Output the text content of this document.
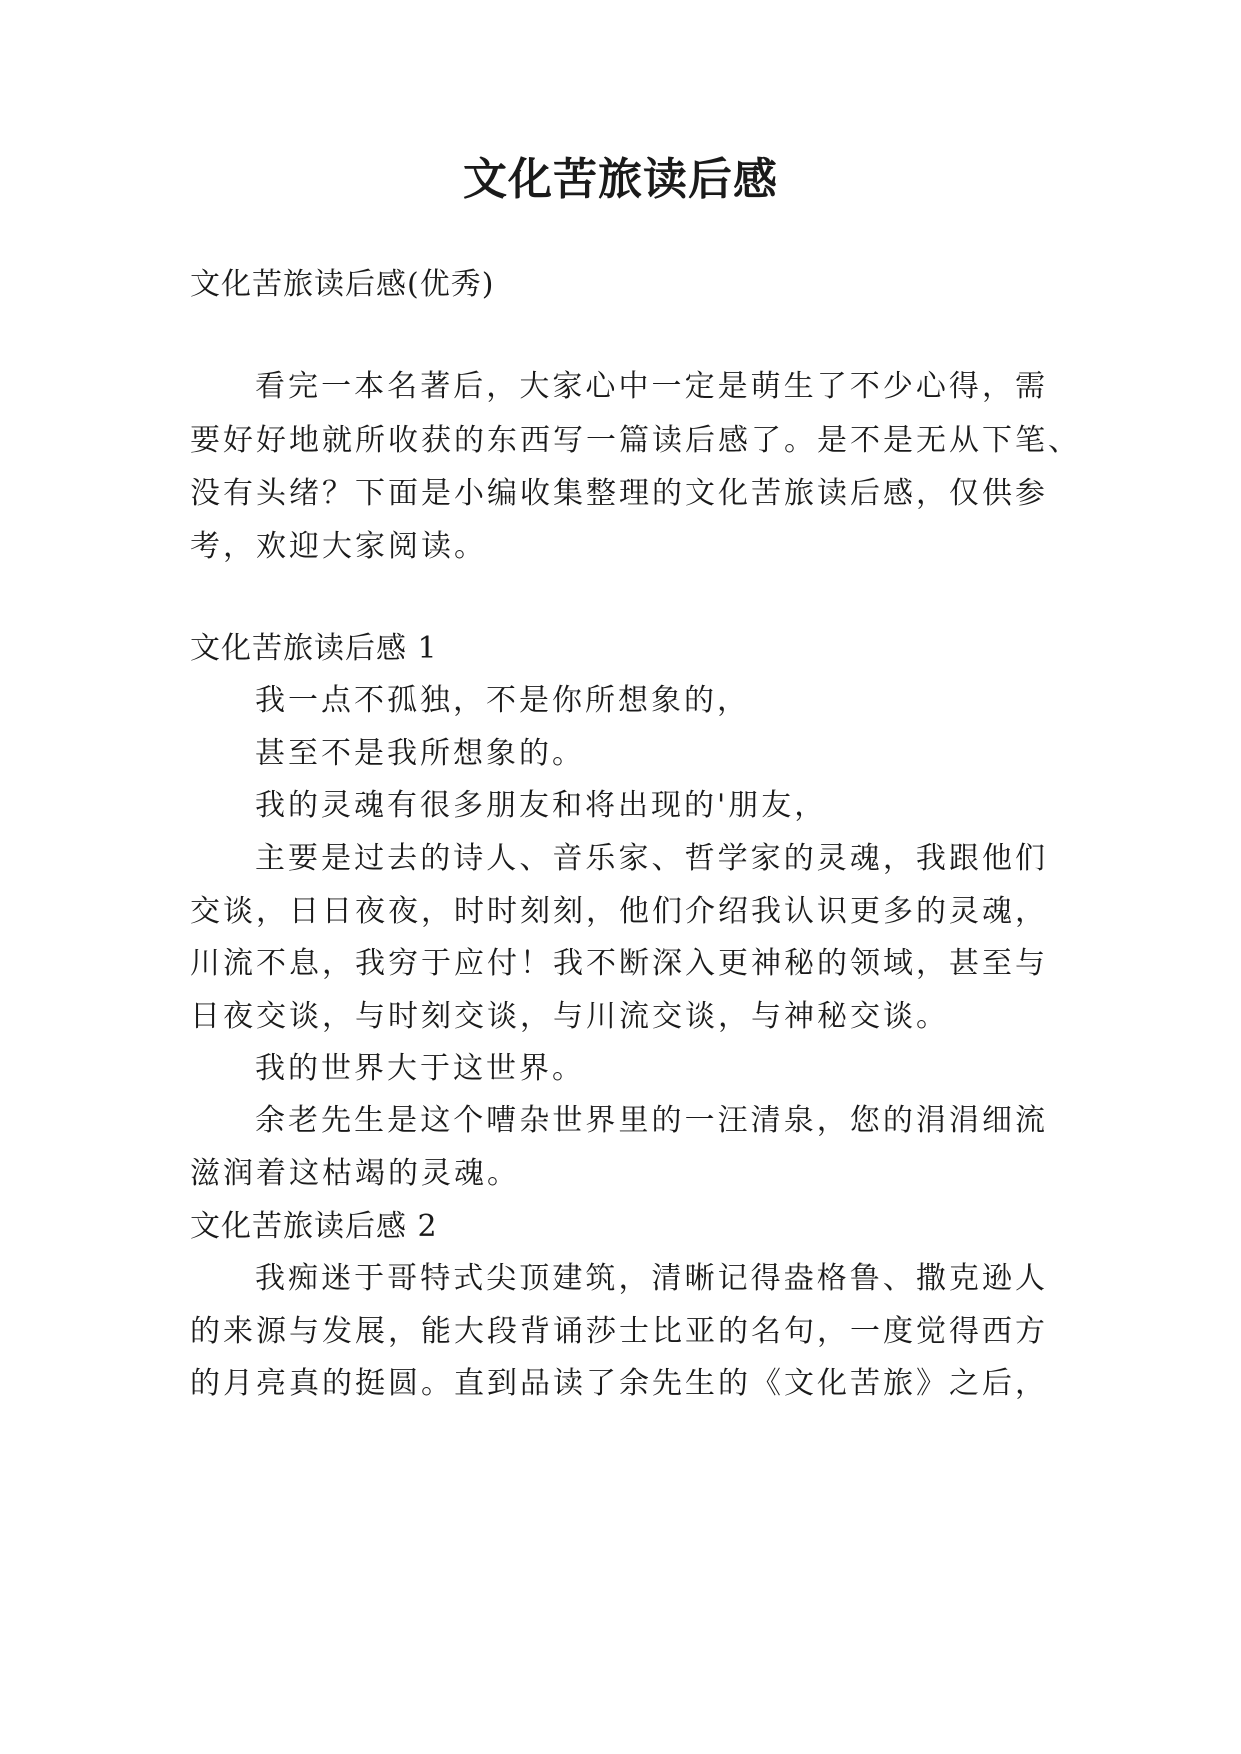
文化苦旅读后感

文化苦旅读后感(优秀)

看完一本名著后，大家心中一定是萌生了不少心得，需

要好好地就所收获的东西写一篇读后感了。是不是无从下笔、

没有头绪？下面是小编收集整理的文化苦旅读后感，仅供参

考，欢迎大家阅读。

文化苦旅读后感 1

我一点不孤独，不是你所想象的，

甚至不是我所想象的。

我的灵魂有很多朋友和将出现的'朋友，

主要是过去的诗人、音乐家、哲学家的灵魂，我跟他们

交谈，日日夜夜，时时刻刻，他们介绍我认识更多的灵魂，

川流不息，我穷于应付！我不断深入更神秘的领域，甚至与

日夜交谈，与时刻交谈，与川流交谈，与神秘交谈。

我的世界大于这世界。

余老先生是这个嘈杂世界里的一汪清泉，您的涓涓细流

滋润着这枯竭的灵魂。

文化苦旅读后感 2

我痴迷于哥特式尖顶建筑，清晰记得盎格鲁、撒克逊人

的来源与发展，能大段背诵莎士比亚的名句，一度觉得西方

的月亮真的挺圆。直到品读了余先生的《文化苦旅》之后，
